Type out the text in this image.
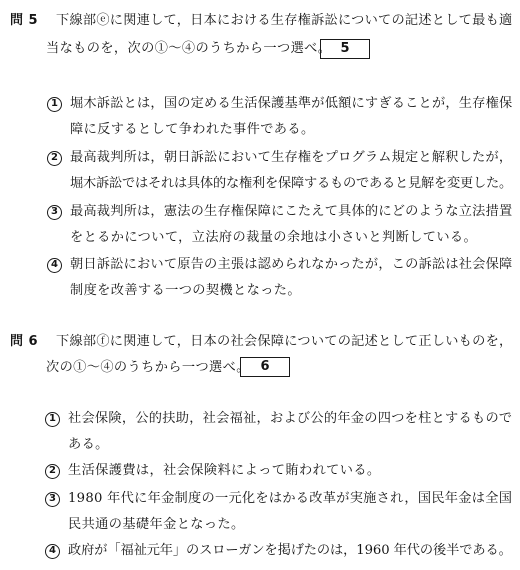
問 5 下線部ⓔに関連して，日本における生存権訴訟についての記述として最も適
当なものを，次の①～④のうちから一つ選べ。 5
1 堀木訴訟とは，国の定める生活保護基準が低額にすぎることが，生存権保
障に反するとして争われた事件である。
2 最高裁判所は，朝日訴訟において生存権をプログラム規定と解釈したが，
堀木訴訟ではそれは具体的な権利を保障するものであると見解を変更した。
3 最高裁判所は，憲法の生存権保障にこたえて具体的にどのような立法措置
をとるかについて，立法府の裁量の余地は小さいと判断している。
4 朝日訴訟において原告の主張は認められなかったが，この訴訟は社会保障
制度を改善する一つの契機となった。
問 6 下線部ⓕに関連して，日本の社会保障についての記述として正しいものを，
次の①～④のうちから一つ選べ。 6
1 社会保険，公的扶助，社会福祉，および公的年金の四つを柱とするもので
ある。
2 生活保護費は，社会保険料によって賄われている。
3 1980 年代に年金制度の一元化をはかる改革が実施され，国民年金は全国
民共通の基礎年金となった。
4 政府が「福祉元年」のスローガンを掲げたのは，1960 年代の後半である。
